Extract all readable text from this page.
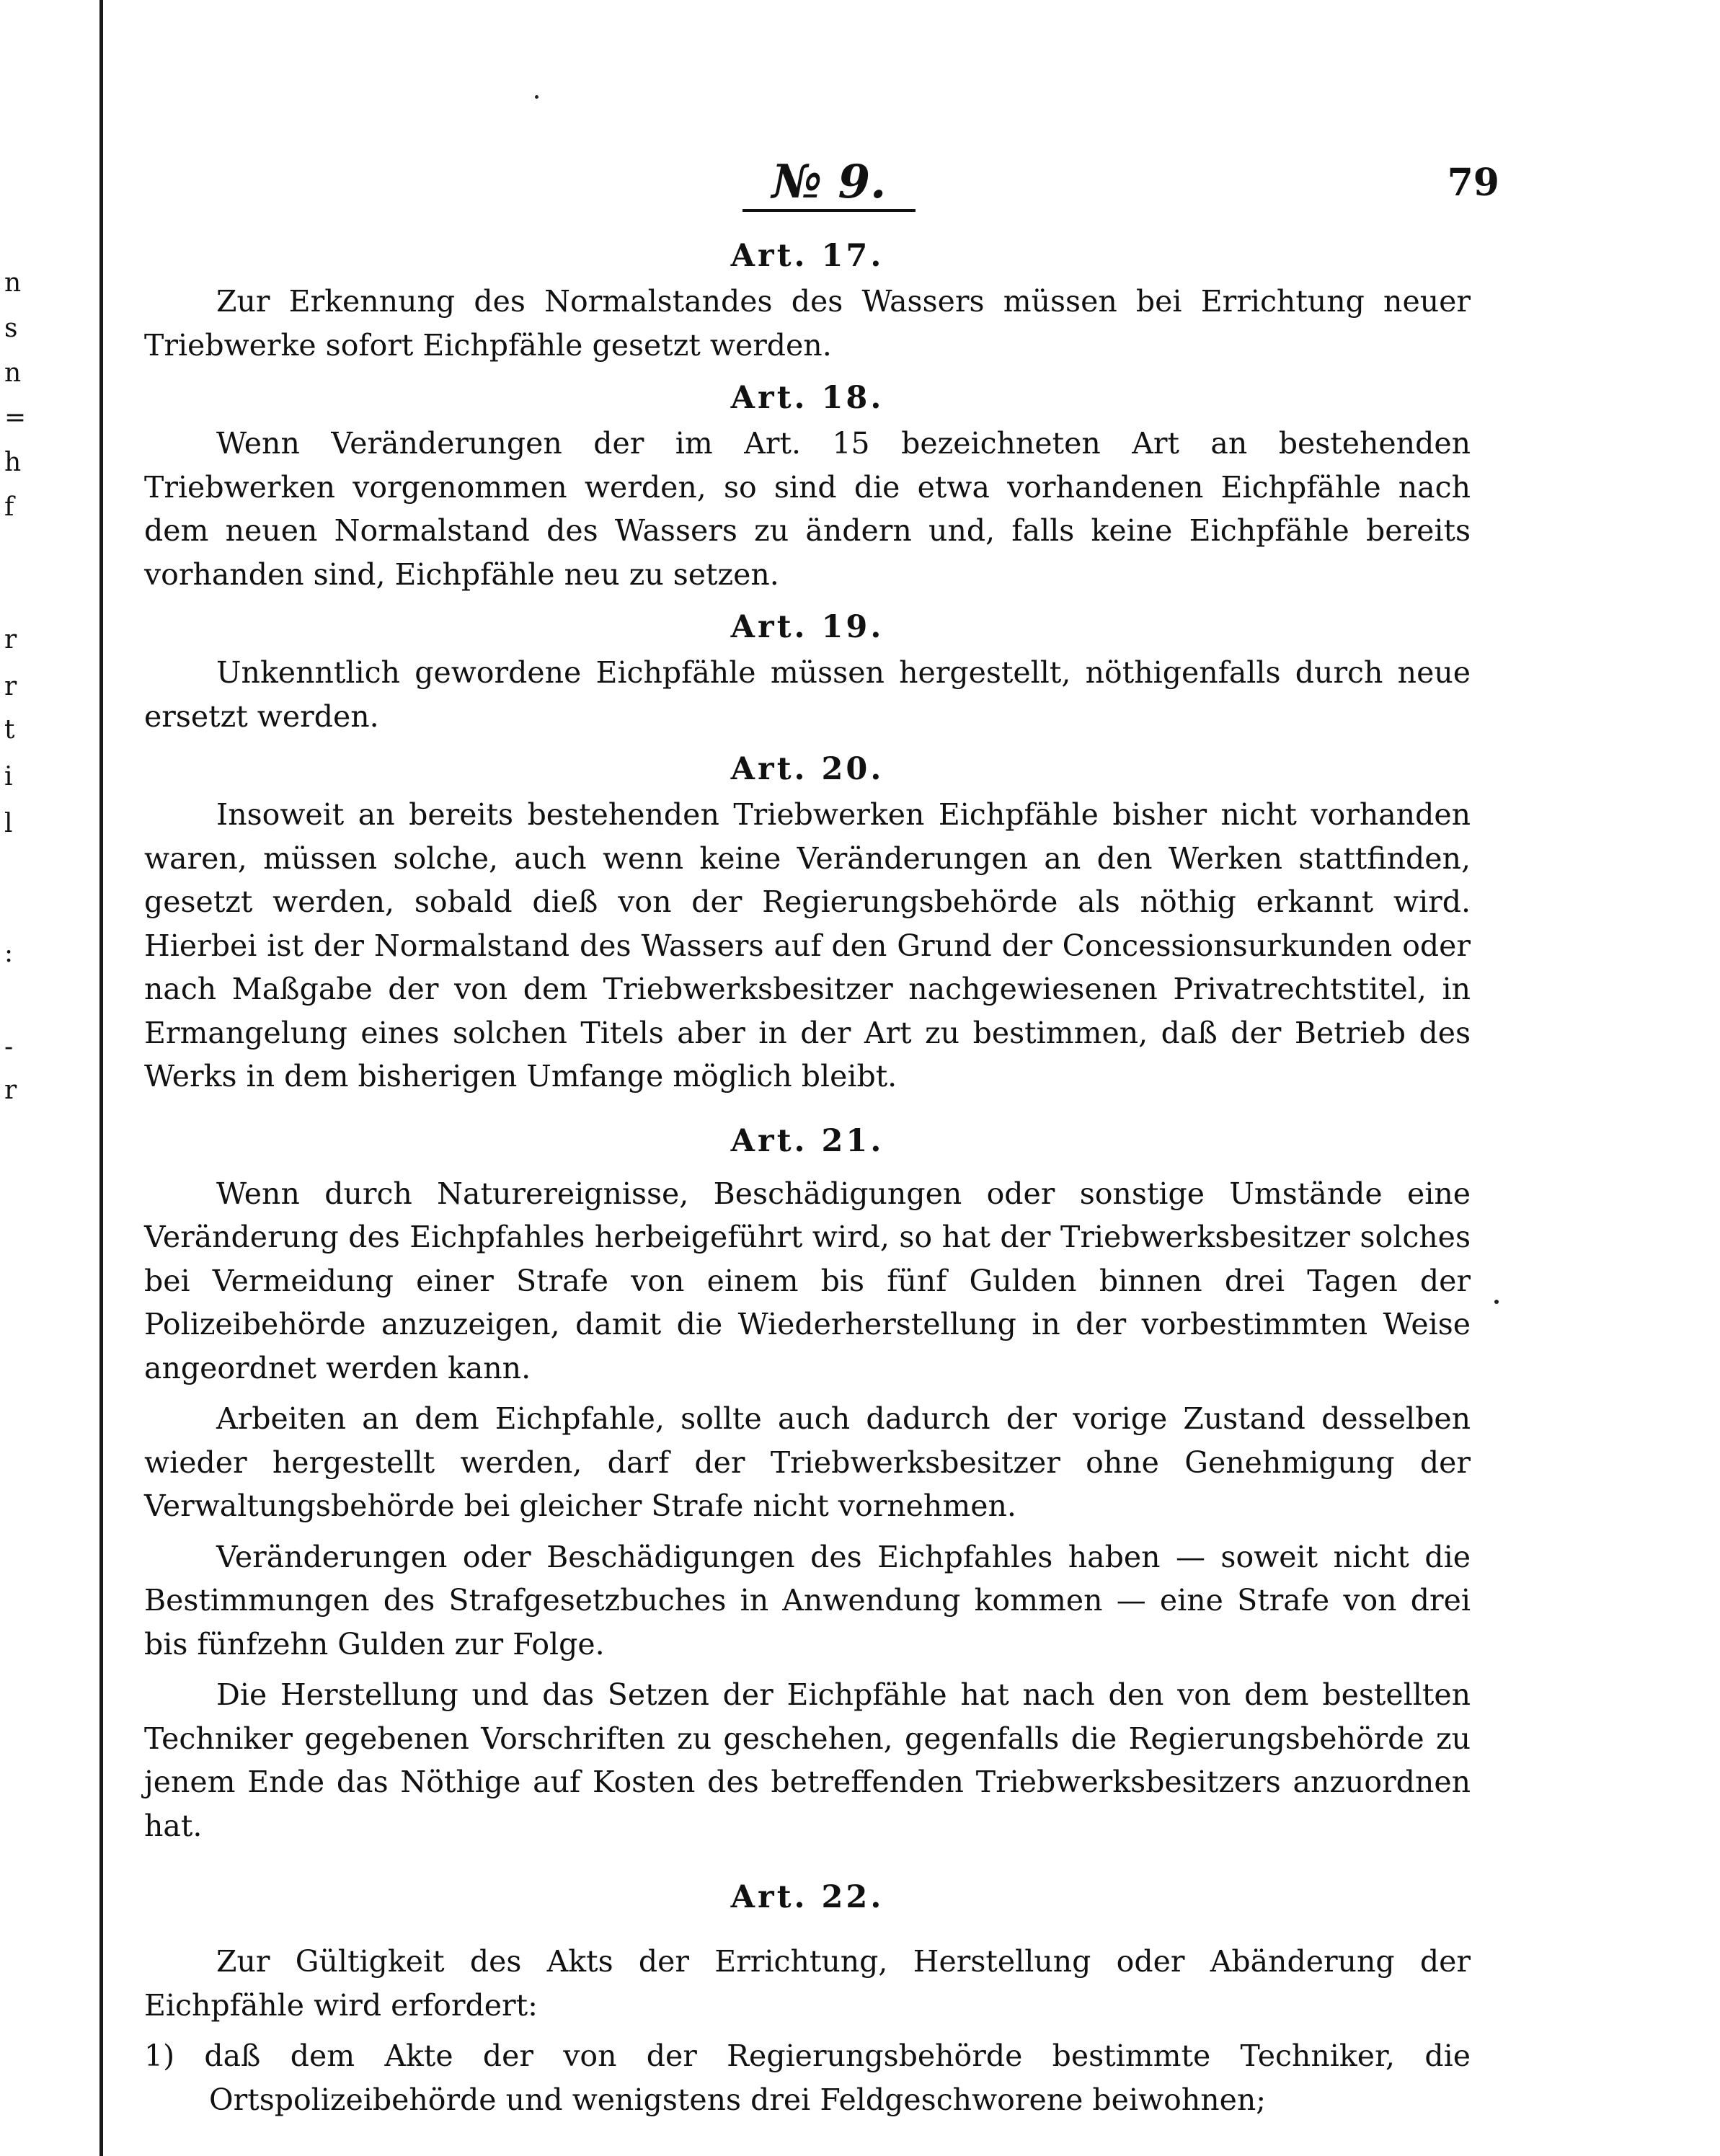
n
s
n
=
h
f
r
r
t
i
l
:
-
r
№ 9.	79
Art. 17.

Zur Erkennung des Normalstandes des Wassers müssen bei Errichtung neuer Triebwerke sofort Eichpfähle gesetzt werden.

Art. 18.

Wenn Veränderungen der im Art. 15 bezeichneten Art an bestehenden Triebwerken vorgenommen werden, so sind die etwa vorhandenen Eichpfähle nach dem neuen Normalstand des Wassers zu ändern und, falls keine Eichpfähle bereits vorhanden sind, Eichpfähle neu zu setzen.

Art. 19.

Unkenntlich gewordene Eichpfähle müssen hergestellt, nöthigenfalls durch neue ersetzt werden.

Art. 20.

Insoweit an bereits bestehenden Triebwerken Eichpfähle bisher nicht vorhanden waren, müssen solche, auch wenn keine Veränderungen an den Werken stattfinden, gesetzt werden, sobald dieß von der Regierungsbehörde als nöthig erkannt wird. Hierbei ist der Normalstand des Wassers auf den Grund der Concessionsurkunden oder nach Maßgabe der von dem Triebwerksbesitzer nachgewiesenen Privatrechtstitel, in Ermangelung eines solchen Titels aber in der Art zu bestimmen, daß der Betrieb des Werks in dem bisherigen Umfange möglich bleibt.

Art. 21.

Wenn durch Naturereignisse, Beschädigungen oder sonstige Umstände eine Veränderung des Eichpfahles herbeigeführt wird, so hat der Triebwerksbesitzer solches bei Vermeidung einer Strafe von einem bis fünf Gulden binnen drei Tagen der Polizeibehörde anzuzeigen, damit die Wiederherstellung in der vorbestimmten Weise angeordnet werden kann.

Arbeiten an dem Eichpfahle, sollte auch dadurch der vorige Zustand desselben wieder hergestellt werden, darf der Triebwerksbesitzer ohne Genehmigung der Verwaltungsbehörde bei gleicher Strafe nicht vornehmen.

Veränderungen oder Beschädigungen des Eichpfahles haben — soweit nicht die Bestimmungen des Strafgesetzbuches in Anwendung kommen — eine Strafe von drei bis fünfzehn Gulden zur Folge.

Die Herstellung und das Setzen der Eichpfähle hat nach den von dem bestellten Techniker gegebenen Vorschriften zu geschehen, gegenfalls die Regierungsbehörde zu jenem Ende das Nöthige auf Kosten des betreffenden Triebwerksbesitzers anzuordnen hat.

Art. 22.

Zur Gültigkeit des Akts der Errichtung, Herstellung oder Abänderung der Eichpfähle wird erfordert:

1) daß dem Akte der von der Regierungsbehörde bestimmte Techniker, die Ortspolizeibehörde und wenigstens drei Feldgeschworene beiwohnen;
